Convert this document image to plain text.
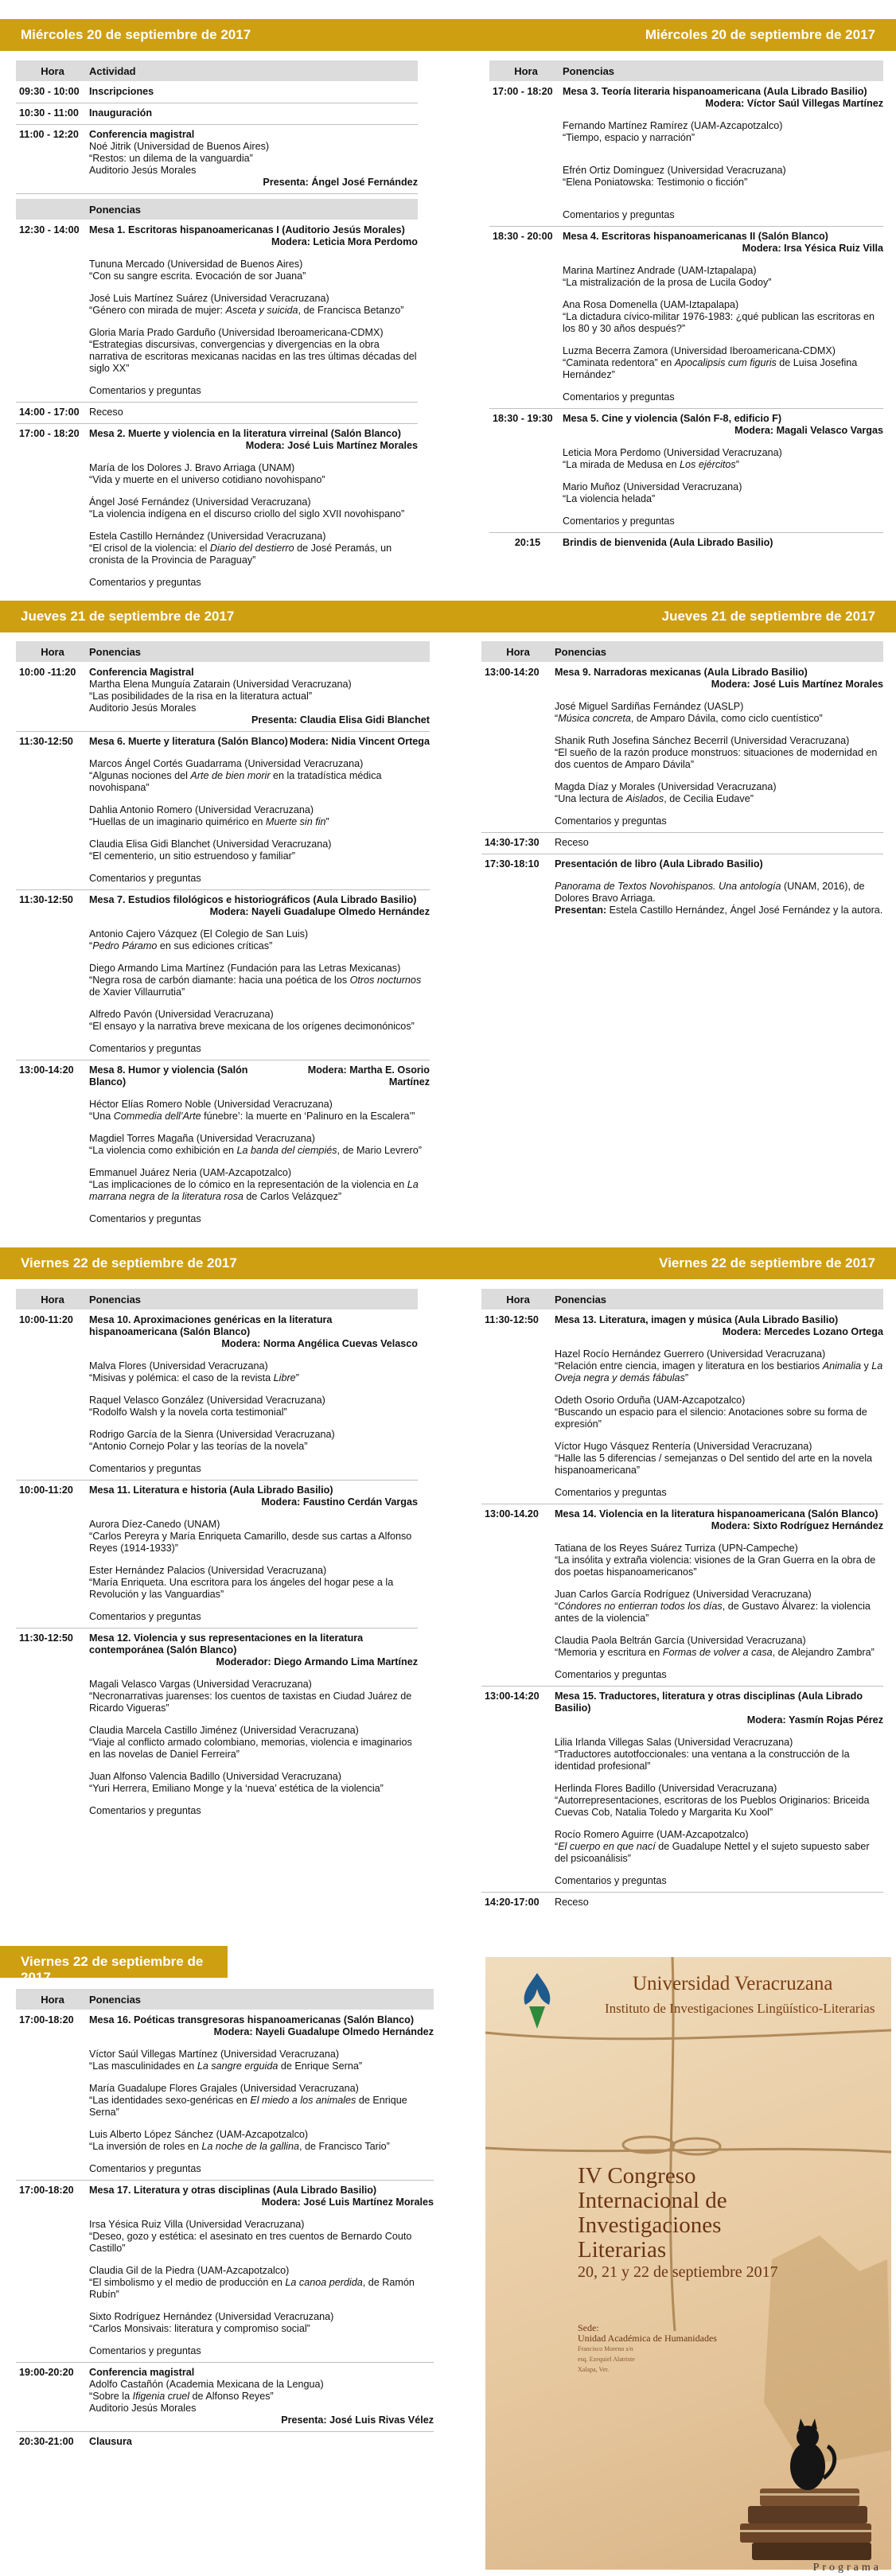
Miércoles 20 de septiembre de 2017	Miércoles 20 de septiembre de 2017
Hora	Actividad
09:30 - 10:00 Inscripciones
10:30 - 11:00	Inauguración
11:00 - 12:20	Conferencia magistral
Noé Jitrik (Universidad de Buenos Aires)
“Restos: un dilema de la vanguardia”
Auditorio Jesús Morales
Presenta: Ángel José Fernández
Ponencias
12:30 - 14:00 Mesa 1. Escritoras hispanoamericanas I (Auditorio Jesús Morales)
Modera: Leticia Mora Perdomo
Tununa Mercado (Universidad de Buenos Aires)
“Con su sangre escrita. Evocación de sor Juana”
José Luis Martínez Suárez (Universidad Veracruzana)
“Género con mirada de mujer: Asceta y suicida, de Francisca Betanzo”
Gloria María Prado Garduño (Universidad Iberoamericana-CDMX)
“Estrategias discursivas, convergencias y divergencias en la obra narrativa de escritoras mexicanas nacidas en las tres últimas décadas del siglo XX”
Comentarios y preguntas
14:00 - 17:00 Receso
17:00 - 18:20 Mesa 2. Muerte y violencia en la literatura virreinal (Salón Blanco)
Modera: José Luis Martínez Morales
María de los Dolores J. Bravo Arriaga (UNAM)
“Vida y muerte en el universo cotidiano novohispano”
Ángel José Fernández (Universidad Veracruzana)
“La violencia indígena en el discurso criollo del siglo XVII novohispano”
Estela Castillo Hernández (Universidad Veracruzana)
“El crisol de la violencia: el Diario del destierro de José Peramás, un cronista de la Provincia de Paraguay”
Comentarios y preguntas
Hora	Ponencias
17:00 - 18:20 Mesa 3. Teoría literaria hispanoamericana (Aula Librado Basilio)
Modera: Víctor Saúl Villegas Martínez
Fernando Martínez Ramírez (UAM-Azcapotzalco)
“Tiempo, espacio y narración”
Efrén Ortiz Domínguez (Universidad Veracruzana)
“Elena Poniatowska: Testimonio o ficción”
Comentarios y preguntas
18:30 - 20:00 Mesa 4. Escritoras hispanoamericanas II (Salón Blanco)
Modera: Irsa Yésica Ruiz Villa
Marina Martínez Andrade (UAM-Iztapalapa)
“La mistralización de la prosa de Lucila Godoy”
Ana Rosa Domenella (UAM-Iztapalapa)
“La dictadura cívico-militar 1976-1983: ¿qué publican las escritoras en los 80 y 30 años después?”
Luzma Becerra Zamora (Universidad Iberoamericana-CDMX)
“Caminata redentora” en Apocalipsis cum figuris de Luisa Josefina Hernández”
Comentarios y preguntas
18:30 - 19:30 Mesa 5. Cine y violencia (Salón F-8, edificio F)
Modera: Magali Velasco Vargas
Leticia Mora Perdomo (Universidad Veracruzana)
“La mirada de Medusa en Los ejércitos”
Mario Muñoz (Universidad Veracruzana)
“La violencia helada”
Comentarios y preguntas
20:15	Brindis de bienvenida (Aula Librado Basilio)
Jueves 21 de septiembre de 2017	Jueves 21 de septiembre de 2017
Hora	Ponencias
10:00 -11:20	Conferencia Magistral
Martha Elena Munguía Zatarain (Universidad Veracruzana)
“Las posibilidades de la risa en la literatura actual”
Auditorio Jesús Morales
Presenta: Claudia Elisa Gidi Blanchet
11:30-12:50	Mesa 6. Muerte y literatura (Salón Blanco) Modera: Nidia Vincent Ortega
Marcos Ángel Cortés Guadarrama (Universidad Veracruzana)
“Algunas nociones del Arte de bien morir en la tratadística médica novohispana”
Dahlia Antonio Romero (Universidad Veracruzana)
“Huellas de un imaginario quimérico en Muerte sin fin”
Claudia Elisa Gidi Blanchet (Universidad Veracruzana)
“El cementerio, un sitio estruendoso y familiar”
Comentarios y preguntas
11:30-12:50	Mesa 7. Estudios filológicos e historiográficos (Aula Librado Basilio)
Modera: Nayeli Guadalupe Olmedo Hernández
Antonio Cajero Vázquez (El Colegio de San Luis)
“Pedro Páramo en sus ediciones críticas”
Diego Armando Lima Martínez (Fundación para las Letras Mexicanas)
“Negra rosa de carbón diamante: hacia una poética de los Otros nocturnos de Xavier Villaurrutia”
Alfredo Pavón (Universidad Veracruzana)
“El ensayo y la narrativa breve mexicana de los orígenes decimonónicos”
Comentarios y preguntas
13:00-14:20	Mesa 8. Humor y violencia (Salón Blanco)
Modera: Martha E. Osorio Martínez
Héctor Elías Romero Noble (Universidad Veracruzana)
“Una Commedia dell’Arte fúnebre’: la muerte en ‘Palinuro en la Escalera’”
Magdiel Torres Magaña (Universidad Veracruzana)
“La violencia como exhibición en La banda del ciempiés, de Mario Levrero”
Emmanuel Juárez Neria (UAM-Azcapotzalco)
“Las implicaciones de lo cómico en la representación de la violencia en La marrana negra de la literatura rosa de Carlos Velázquez”
Comentarios y preguntas
Hora	Ponencias
13:00-14:20	Mesa 9. Narradoras mexicanas (Aula Librado Basilio)
Modera: José Luis Martínez Morales
José Miguel Sardiñas Fernández (UASLP)
“Música concreta, de Amparo Dávila, como ciclo cuentístico”
Shanik Ruth Josefina Sánchez Becerril (Universidad Veracruzana)
“El sueño de la razón produce monstruos: situaciones de modernidad en dos cuentos de Amparo Dávila”
Magda Díaz y Morales (Universidad Veracruzana)
“Una lectura de Aislados, de Cecilia Eudave”
Comentarios y preguntas
14:30-17:30	Receso
17:30-18:10	Presentación de libro (Aula Librado Basilio)
Panorama de Textos Novohispanos. Una antología (UNAM, 2016), de Dolores Bravo Arriaga.
Presentan: Estela Castillo Hernández, Ángel José Fernández y la autora.
Viernes 22 de septiembre de 2017	Viernes 22 de septiembre de 2017
Hora	Ponencias
10:00-11:20	Mesa 10. Aproximaciones genéricas en la literatura hispanoamericana (Salón Blanco)
Modera: Norma Angélica Cuevas Velasco
Malva Flores (Universidad Veracruzana)
“Misivas y polémica: el caso de la revista Libre”
Raquel Velasco González (Universidad Veracruzana)
“Rodolfo Walsh y la novela corta testimonial”
Rodrigo García de la Sienra (Universidad Veracruzana)
“Antonio Cornejo Polar y las teorías de la novela”
Comentarios y preguntas
10:00-11:20	Mesa 11. Literatura e historia (Aula Librado Basilio)
Modera: Faustino Cerdán Vargas
Aurora Díez-Canedo (UNAM)
“Carlos Pereyra y María Enriqueta Camarillo, desde sus cartas a Alfonso Reyes (1914-1933)”
Ester Hernández Palacios (Universidad Veracruzana)
“María Enriqueta. Una escritora para los ángeles del hogar pese a la Revolución y las Vanguardias”
Comentarios y preguntas
11:30-12:50	Mesa 12. Violencia y sus representaciones en la literatura contemporánea (Salón Blanco)
Moderador: Diego Armando Lima Martínez
Magali Velasco Vargas (Universidad Veracruzana)
“Necronarrativas juarenses: los cuentos de taxistas en Ciudad Juárez de Ricardo Vigueras”
Claudia Marcela Castillo Jiménez (Universidad Veracruzana)
“Viaje al conflicto armado colombiano, memorias, violencia e imaginarios en las novelas de Daniel Ferreira”
Juan Alfonso Valencia Badillo (Universidad Veracruzana)
“Yuri Herrera, Emiliano Monge y la ‘nueva’ estética de la violencia”
Comentarios y preguntas
Hora	Ponencias
11:30-12:50	Mesa 13. Literatura, imagen y música (Aula Librado Basilio)
Modera: Mercedes Lozano Ortega
Hazel Rocío Hernández Guerrero (Universidad Veracruzana)
“Relación entre ciencia, imagen y literatura en los bestiarios Animalia y La Oveja negra y demás fábulas”
Odeth Osorio Orduña (UAM-Azcapotzalco)
“Buscando un espacio para el silencio: Anotaciones sobre su forma de expresión”
Víctor Hugo Vásquez Rentería (Universidad Veracruzana)
“Halle las 5 diferencias / semejanzas o Del sentido del arte en la novela hispanoamericana”
Comentarios y preguntas
13:00-14.20	Mesa 14. Violencia en la literatura hispanoamericana (Salón Blanco)
Modera: Sixto Rodríguez Hernández
Tatiana de los Reyes Suárez Turriza (UPN-Campeche)
“La insólita y extraña violencia: visiones de la Gran Guerra en la obra de dos poetas hispanoamericanos”
Juan Carlos García Rodríguez (Universidad Veracruzana)
“Cóndores no entierran todos los días, de Gustavo Álvarez: la violencia antes de la violencia”
Claudia Paola Beltrán García (Universidad Veracruzana)
“Memoria y escritura en Formas de volver a casa, de Alejandro Zambra”
Comentarios y preguntas
13:00-14:20	Mesa 15. Traductores, literatura y otras disciplinas (Aula Librado Basilio)
Modera: Yasmín Rojas Pérez
Lilia Irlanda Villegas Salas (Universidad Veracruzana)
“Traductores autotfoccionales: una ventana a la construcción de la identidad profesional”
Herlinda Flores Badillo (Universidad Veracruzana)
“Autorrepresentaciones, escritoras de los Pueblos Originarios: Briceida Cuevas Cob, Natalia Toledo y Margarita Ku Xool”
Rocío Romero Aguirre (UAM-Azcapotzalco)
“El cuerpo en que nací de Guadalupe Nettel y el sujeto supuesto saber del psicoanálisis”
Comentarios y preguntas
14:20-17:00	Receso
Viernes 22 de septiembre de 2017
Hora	Ponencias
17:00-18:20	Mesa 16. Poéticas transgresoras hispanoamericanas (Salón Blanco)
Modera: Nayeli Guadalupe Olmedo Hernández
Víctor Saúl Villegas Martínez (Universidad Veracruzana)
“Las masculinidades en La sangre erguida de Enrique Serna”
María Guadalupe Flores Grajales (Universidad Veracruzana)
“Las identidades sexo-genéricas en El miedo a los animales de Enrique Serna”
Luis Alberto López Sánchez (UAM-Azcapotzalco)
“La inversión de roles en La noche de la gallina, de Francisco Tario”
Comentarios y preguntas
17:00-18:20	Mesa 17. Literatura y otras disciplinas (Aula Librado Basilio)
Modera: José Luis Martínez Morales
Irsa Yésica Ruiz Villa (Universidad Veracruzana)
“Deseo, gozo y estética: el asesinato en tres cuentos de Bernardo Couto Castillo”
Claudia Gil de la Piedra (UAM-Azcapotzalco)
“El simbolismo y el medio de producción en La canoa perdida, de Ramón Rubín”
Sixto Rodríguez Hernández (Universidad Veracruzana)
“Carlos Monsivais: literatura y compromiso social”
Comentarios y preguntas
19:00-20:20	Conferencia magistral
Adolfo Castañón (Academia Mexicana de la Lengua)
“Sobre la Ifigenia cruel de Alfonso Reyes”
Auditorio Jesús Morales
Presenta: José Luis Rivas Vélez
20:30-21:00	Clausura
Universidad Veracruzana
Instituto de Investigaciones Lingüístico-Literarias
IV Congreso Internacional de Investigaciones Literarias
20, 21 y 22 de septiembre 2017
Sede:
Unidad Académica de Humanidades
Francisco Moreno s/n
esq. Ezequiel Alatriste
Xalapa, Ver.
Programa
